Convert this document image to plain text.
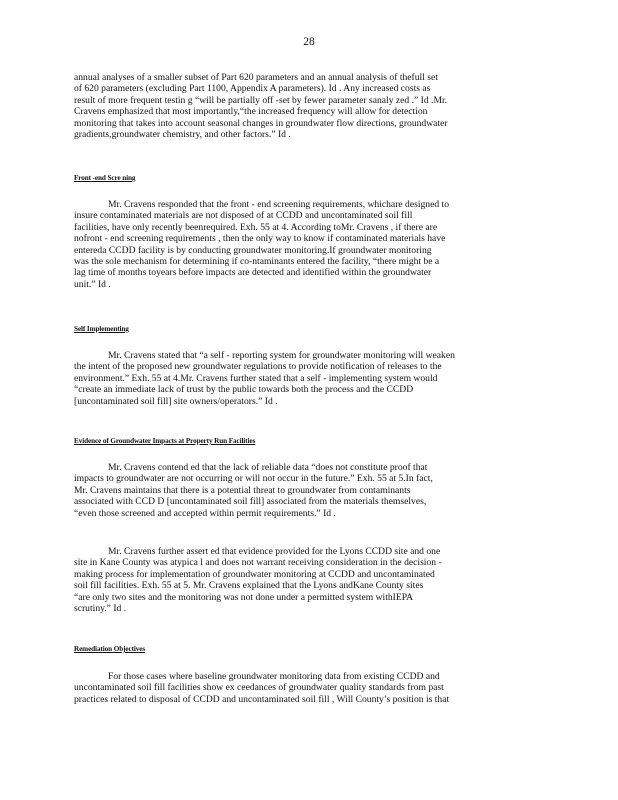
28

annual analyses of a smaller subset of Part 620 parameters and an annual analysis of thefull set

of 620 parameters (excluding Part 1100, Appendix A parameters). Id . Any increased costs as

result of more frequent testin g “will be partially off -set by fewer parameter sanaly zed .” Id .Mr.

Cravens emphasized that most importantly,“the increased frequency will allow for detection

monitoring that takes into account seasonal changes in groundwater flow directions, groundwater

gradients,groundwater chemistry, and other factors.” Id .

Front -end Scre ning

Mr. Cravens responded that the front - end screening requirements, whichare designed to

insure contaminated materials are not disposed of at CCDD and uncontaminated soil fill

facilities, have only recently beenrequired. Exh. 55 at 4. According toMr. Cravens , if there are

nofront - end screening requirements , then the only way to know if contaminated materials have

entereda CCDD facility is by conducting groundwater monitoring.If groundwater monitoring

was the sole mechanism for determining if co-ntaminants entered the facility, “there might be a

lag time of months toyears before impacts are detected and identified within the groundwater

unit.” Id .

Self Implementing

Mr. Cravens stated that “a self - reporting system for groundwater monitoring will weaken

the intent of the proposed new groundwater regulations to provide notification of releases to the

environment.” Exh. 55 at 4.Mr. Cravens further stated that a self - implementing system would

“create an immediate lack of trust by the public towards both the process and the CCDD

[uncontaminated soil fill] site owners/operators.” Id .

Evidence of Groundwater Impacts at Property Run Facilities

Mr. Cravens contend ed that the lack of reliable data “does not constitute proof that

impacts to groundwater are not occurring or will not occur in the future.” Exh. 55 at 5.In fact,

Mr. Cravens maintains that there is a potential threat to groundwater from contaminants

associated with CCD D [uncontaminated soil fill] associated from the materials themselves,

“even those screened and accepted within permit requirements.” Id .

Mr. Cravens further assert ed that evidence provided for the Lyons CCDD site and one

site in Kane County was atypica l and does not warrant receiving consideration in the decision -

making process for implementation of groundwater monitoring at CCDD and uncontaminated

soil fill facilities. Exh. 55 at 5. Mr. Cravens explained that the Lyons andKane County sites

“are only two sites and the monitoring was not done under a permitted system withIEPA

scrutiny.” Id .

Remediation Objectives

For those cases where baseline groundwater monitoring data from existing CCDD and

uncontaminated soil fill facilities show ex ceedances of groundwater quality standards from past

practices related to disposal of CCDD and uncontaminated soil fill , Will County’s position is that
